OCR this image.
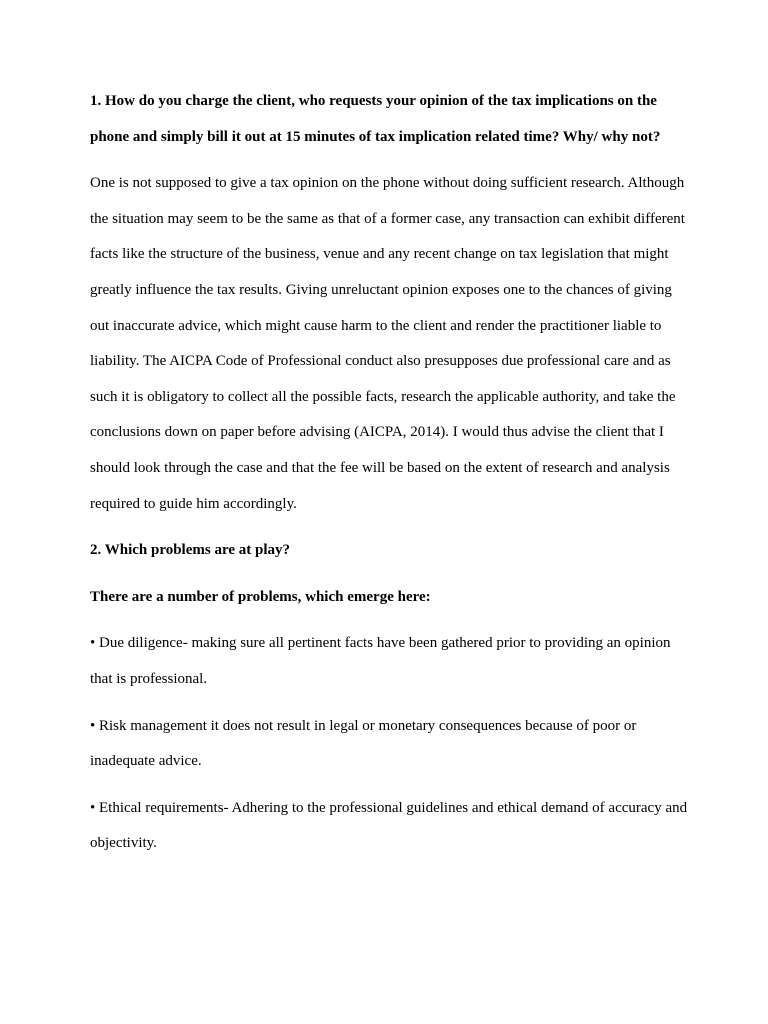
1. How do you charge the client, who requests your opinion of the tax implications on the phone and simply bill it out at 15 minutes of tax implication related time? Why/ why not?

One is not supposed to give a tax opinion on the phone without doing sufficient research. Although the situation may seem to be the same as that of a former case, any transaction can exhibit different facts like the structure of the business, venue and any recent change on tax legislation that might greatly influence the tax results. Giving unreluctant opinion exposes one to the chances of giving out inaccurate advice, which might cause harm to the client and render the practitioner liable to liability. The AICPA Code of Professional conduct also presupposes due professional care and as such it is obligatory to collect all the possible facts, research the applicable authority, and take the conclusions down on paper before advising (AICPA, 2014). I would thus advise the client that I should look through the case and that the fee will be based on the extent of research and analysis required to guide him accordingly.

2. Which problems are at play?

There are a number of problems, which emerge here:

• Due diligence- making sure all pertinent facts have been gathered prior to providing an opinion that is professional.

• Risk management it does not result in legal or monetary consequences because of poor or inadequate advice.

• Ethical requirements- Adhering to the professional guidelines and ethical demand of accuracy and objectivity.
